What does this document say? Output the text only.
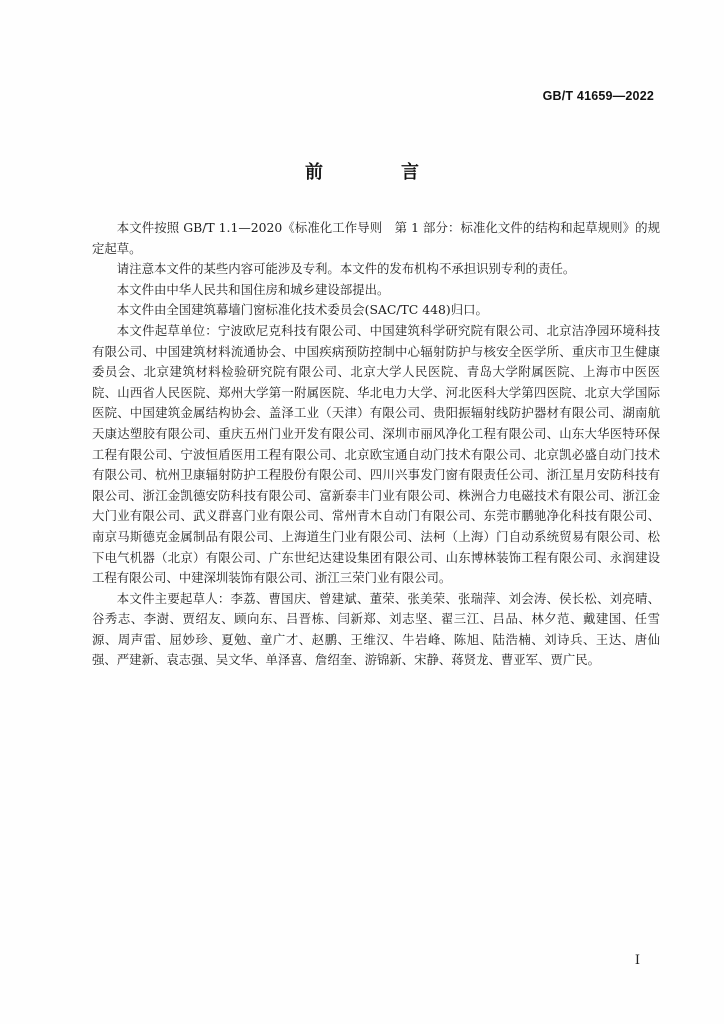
GB/T 41659—2022
前　言

本文件按照 GB/T 1.1—2020《标准化工作导则　第 1 部分：标准化文件的结构和起草规则》的规定起草。

请注意本文件的某些内容可能涉及专利。本文件的发布机构不承担识别专利的责任。

本文件由中华人民共和国住房和城乡建设部提出。

本文件由全国建筑幕墙门窗标准化技术委员会(SAC/TC 448)归口。

本文件起草单位：宁波欧尼克科技有限公司、中国建筑科学研究院有限公司、北京洁净园环境科技有限公司、中国建筑材料流通协会、中国疾病预防控制中心辐射防护与核安全医学所、重庆市卫生健康委员会、北京建筑材料检验研究院有限公司、北京大学人民医院、青岛大学附属医院、上海市中医医院、山西省人民医院、郑州大学第一附属医院、华北电力大学、河北医科大学第四医院、北京大学国际医院、中国建筑金属结构协会、盖泽工业（天津）有限公司、贵阳振辐射线防护器材有限公司、湖南航天康达塑胶有限公司、重庆五州门业开发有限公司、深圳市丽风净化工程有限公司、山东大华医特环保工程有限公司、宁波恒盾医用工程有限公司、北京欧宝通自动门技术有限公司、北京凯必盛自动门技术有限公司、杭州卫康辐射防护工程股份有限公司、四川兴事发门窗有限责任公司、浙江星月安防科技有限公司、浙江金凯德安防科技有限公司、富新泰丰门业有限公司、株洲合力电磁技术有限公司、浙江金大门业有限公司、武义群喜门业有限公司、常州青木自动门有限公司、东莞市鹏驰净化科技有限公司、南京马斯德克金属制品有限公司、上海道生门业有限公司、法柯（上海）门自动系统贸易有限公司、松下电气机器（北京）有限公司、广东世纪达建设集团有限公司、山东博林装饰工程有限公司、永润建设工程有限公司、中建深圳装饰有限公司、浙江三荣门业有限公司。

本文件主要起草人：李荔、曹国庆、曾建斌、董荣、张美荣、张瑞萍、刘会涛、侯长松、刘亮晴、谷秀志、李澍、贾绍友、顾向东、吕晋栋、闫新郑、刘志坚、翟三江、吕品、林夕范、戴建国、任雪源、周声雷、屈妙珍、夏勉、童广才、赵鹏、王维汉、牛岩峰、陈旭、陆浩楠、刘诗兵、王达、唐仙强、严建新、袁志强、吴文华、单泽喜、詹绍奎、游锦新、宋静、蒋贤龙、曹亚军、贾广民。

I
